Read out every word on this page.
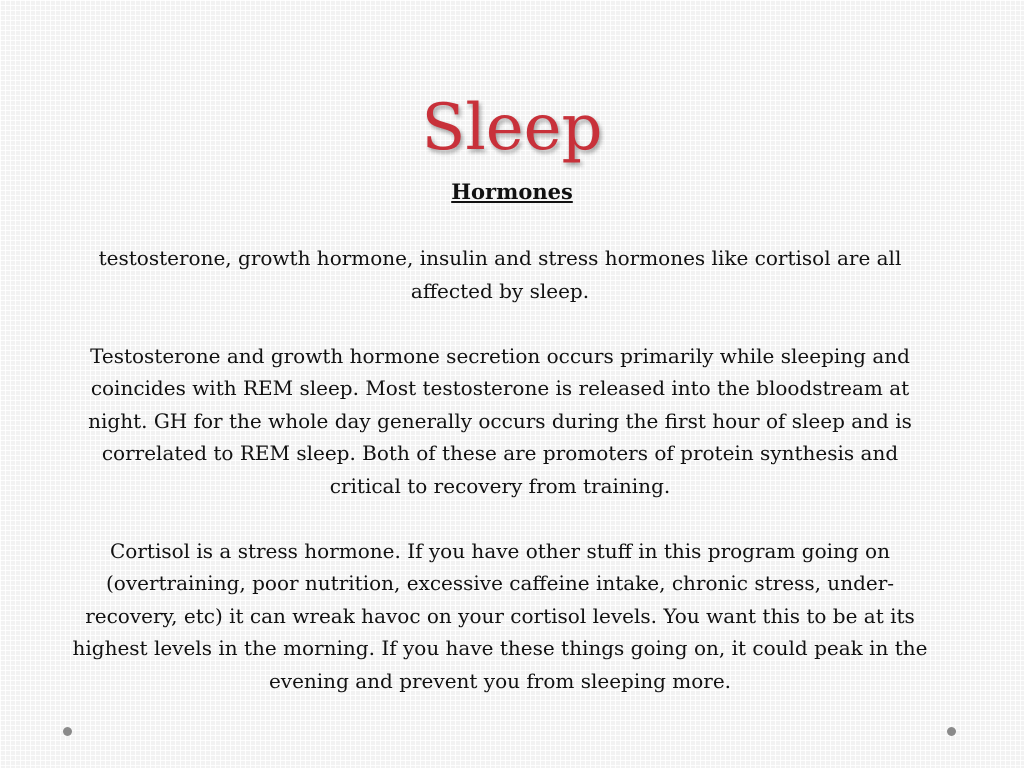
Sleep
Hormones

testosterone, growth hormone, insulin and stress hormones like cortisol are all affected by sleep.

Testosterone and growth hormone secretion occurs primarily while sleeping and coincides with REM sleep. Most testosterone is released into the bloodstream at night. GH for the whole day generally occurs during the first hour of sleep and is correlated to REM sleep. Both of these are promoters of protein synthesis and critical to recovery from training.

Cortisol is a stress hormone. If you have other stuff in this program going on (overtraining, poor nutrition, excessive caffeine intake, chronic stress, under-recovery, etc) it can wreak havoc on your cortisol levels. You want this to be at its highest levels in the morning. If you have these things going on, it could peak in the evening and prevent you from sleeping more.
